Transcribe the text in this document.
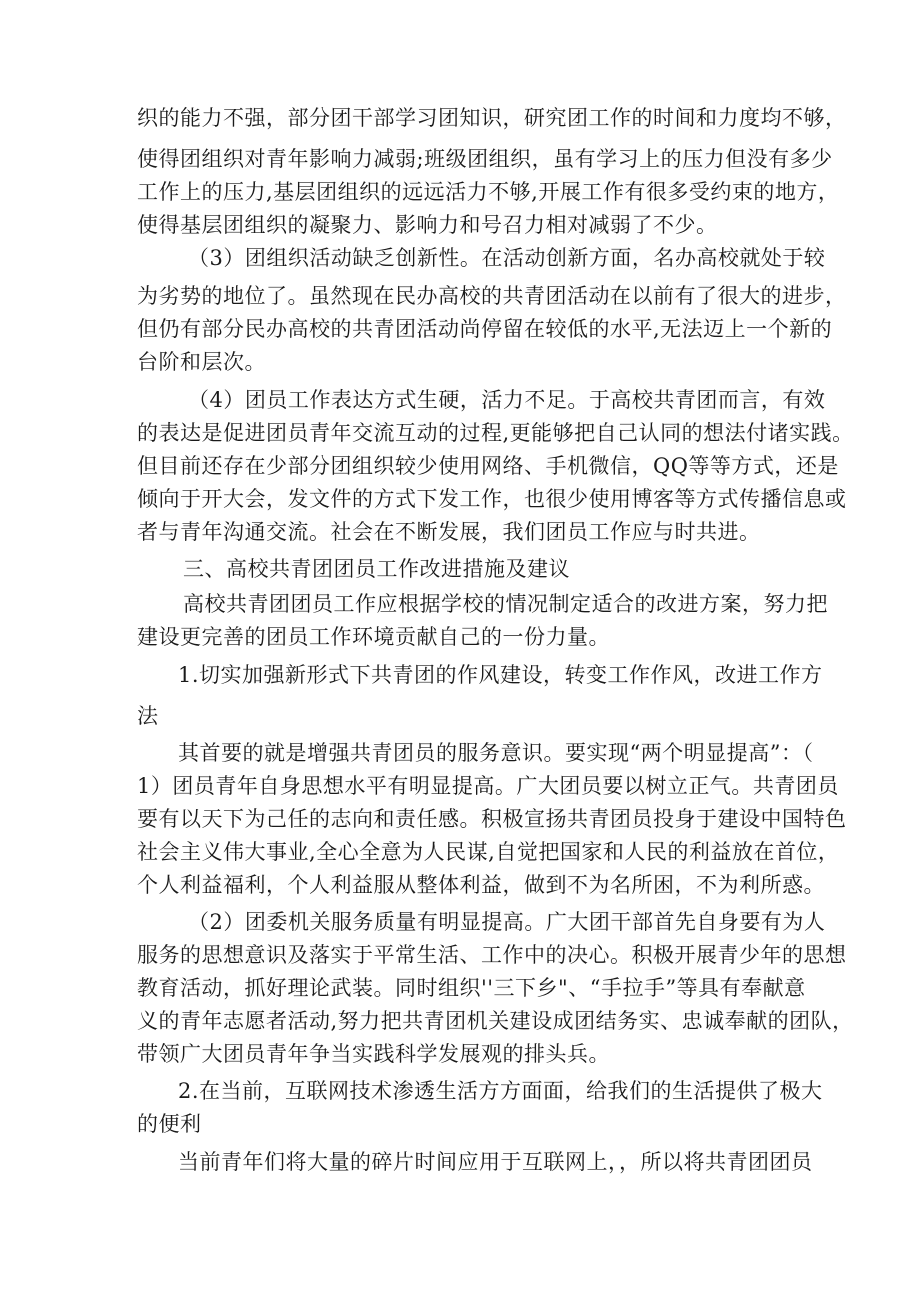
织的能力不强，部分团干部学习团知识，研究团工作的时间和力度均不够，
使得团组织对青年影响力减弱;班级团组织，虽有学习上的压力但没有多少
工作上的压力,基层团组织的远远活力不够,开展工作有很多受约束的地方，
使得基层团组织的凝聚力、影响力和号召力相对减弱了不少。
（3）团组织活动缺乏创新性。在活动创新方面，名办高校就处于较
为劣势的地位了。虽然现在民办高校的共青团活动在以前有了很大的进步，
但仍有部分民办高校的共青团活动尚停留在较低的水平,无法迈上一个新的
台阶和层次。
（4）团员工作表达方式生硬，活力不足。于高校共青团而言，有效
的表达是促进团员青年交流互动的过程,更能够把自己认同的想法付诸实践。
但目前还存在少部分团组织较少使用网络、手机微信，QQ等等方式，还是
倾向于开大会，发文件的方式下发工作，也很少使用博客等方式传播信息或
者与青年沟通交流。社会在不断发展，我们团员工作应与时共进。
三、高校共青团团员工作改进措施及建议
高校共青团团员工作应根据学校的情况制定适合的改进方案，努力把
建设更完善的团员工作环境贡献自己的一份力量。
1.切实加强新形式下共青团的作风建设，转变工作作风，改进工作方
法
其首要的就是增强共青团员的服务意识。要实现“两个明显提高”：（
1）团员青年自身思想水平有明显提高。广大团员要以树立正气。共青团员
要有以天下为己任的志向和责任感。积极宣扬共青团员投身于建设中国特色
社会主义伟大事业,全心全意为人民谋,自觉把国家和人民的利益放在首位，
个人利益福利，个人利益服从整体利益，做到不为名所困，不为利所惑。
（2）团委机关服务质量有明显提高。广大团干部首先自身要有为人
服务的思想意识及落实于平常生活、工作中的决心。积极开展青少年的思想
教育活动，抓好理论武装。同时组织''三下乡"、“手拉手”等具有奉献意
义的青年志愿者活动,努力把共青团机关建设成团结务实、忠诚奉献的团队，
带领广大团员青年争当实践科学发展观的排头兵。
2.在当前，互联网技术渗透生活方方面面，给我们的生活提供了极大
的便利
当前青年们将大量的碎片时间应用于互联网上，，所以将共青团团员
